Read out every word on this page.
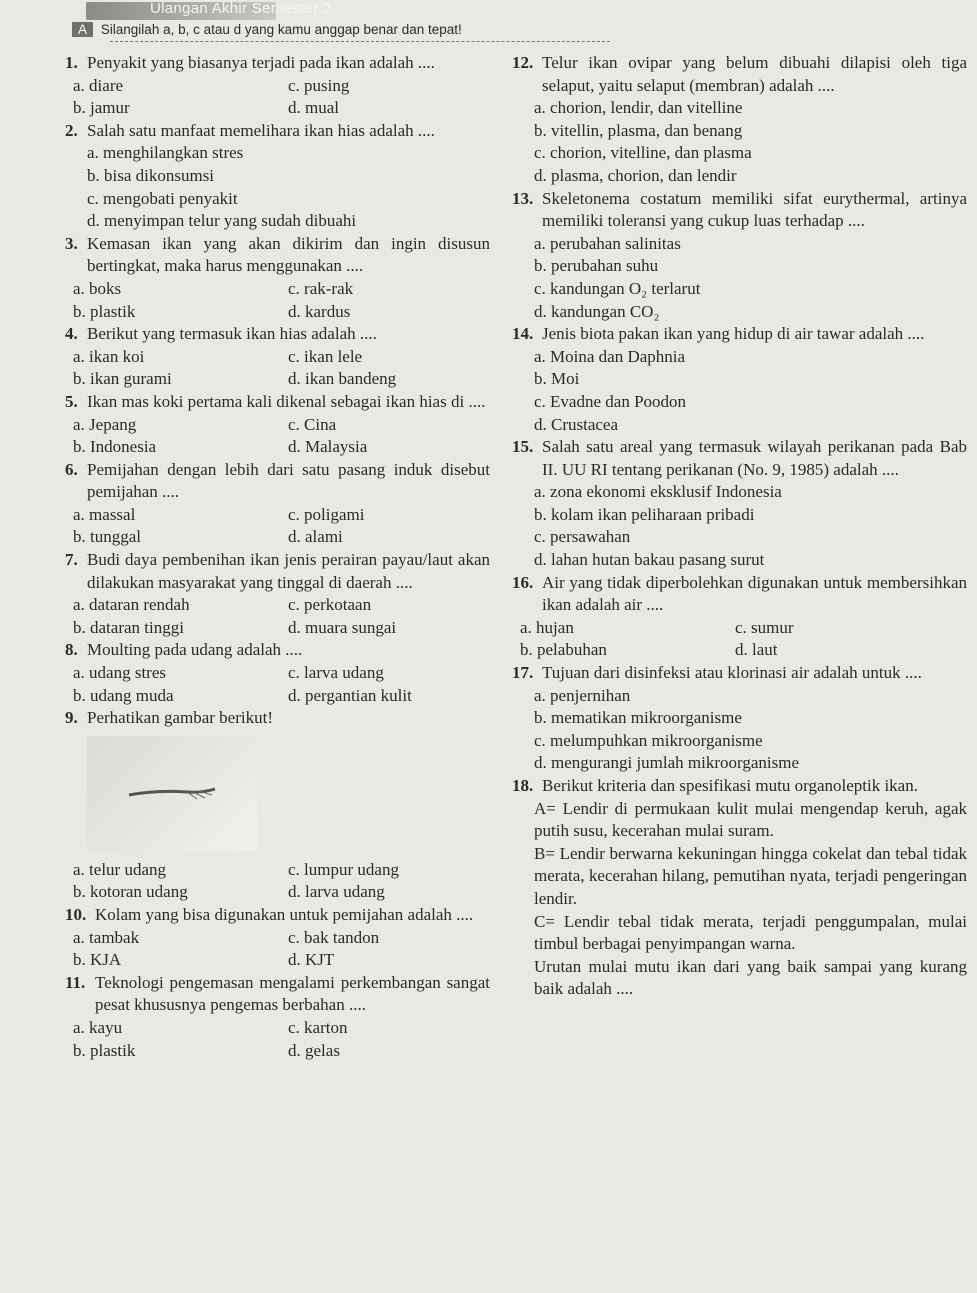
Ulangan Akhir Semester 2
A Silangilah a, b, c atau d yang kamu anggap benar dan tepat!
1. Penyakit yang biasanya terjadi pada ikan adalah ....
a. diare	c. pusing
b. jamur	d. mual
2. Salah satu manfaat memelihara ikan hias adalah ....
a. menghilangkan stres
b. bisa dikonsumsi
c. mengobati penyakit
d. menyimpan telur yang sudah dibuahi
3. Kemasan ikan yang akan dikirim dan ingin disusun bertingkat, maka harus menggunakan ....
a. boks	c. rak-rak
b. plastik	d. kardus
4. Berikut yang termasuk ikan hias adalah ....
a. ikan koi	c. ikan lele
b. ikan gurami	d. ikan bandeng
5. Ikan mas koki pertama kali dikenal sebagai ikan hias di ....
a. Jepang	c. Cina
b. Indonesia	d. Malaysia
6. Pemijahan dengan lebih dari satu pasang induk disebut pemijahan ....
a. massal	c. poligami
b. tunggal	d. alami
7. Budi daya pembenihan ikan jenis perairan payau/laut akan dilakukan masyarakat yang tinggal di daerah ....
a. dataran rendah	c. perkotaan
b. dataran tinggi	d. muara sungai
8. Moulting pada udang adalah ....
a. udang stres	c. larva udang
b. udang muda	d. pergantian kulit
9. Perhatikan gambar berikut!
a. telur udang	c. lumpur udang
b. kotoran udang	d. larva udang
10. Kolam yang bisa digunakan untuk pemijahan adalah ....
a. tambak	c. bak tandon
b. KJA	d. KJT
11. Teknologi pengemasan mengalami perkembangan sangat pesat khususnya pengemas berbahan ....
a. kayu	c. karton
b. plastik	d. gelas
12. Telur ikan ovipar yang belum dibuahi dilapisi oleh tiga selaput, yaitu selaput (membran) adalah ....
a. chorion, lendir, dan vitelline
b. vitellin, plasma, dan benang
c. chorion, vitelline, dan plasma
d. plasma, chorion, dan lendir
13. Skeletonema costatum memiliki sifat eurythermal, artinya memiliki toleransi yang cukup luas terhadap ....
a. perubahan salinitas
b. perubahan suhu
c. kandungan O₂ terlarut
d. kandungan CO₂
14. Jenis biota pakan ikan yang hidup di air tawar adalah ....
a. Moina dan Daphnia
b. Moi
c. Evadne dan Poodon
d. Crustacea
15. Salah satu areal yang termasuk wilayah perikanan pada Bab II. UU RI tentang perikanan (No. 9, 1985) adalah ....
a. zona ekonomi eksklusif Indonesia
b. kolam ikan peliharaan pribadi
c. persawahan
d. lahan hutan bakau pasang surut
16. Air yang tidak diperbolehkan digunakan untuk membersihkan ikan adalah air ....
a. hujan	c. sumur
b. pelabuhan	d. laut
17. Tujuan dari disinfeksi atau klorinasi air adalah untuk ....
a. penjernihan
b. mematikan mikroorganisme
c. melumpuhkan mikroorganisme
d. mengurangi jumlah mikroorganisme
18. Berikut kriteria dan spesifikasi mutu organoleptik ikan.
A= Lendir di permukaan kulit mulai mengendap keruh, agak putih susu, kecerahan mulai suram.
B= Lendir berwarna kekuningan hingga cokelat dan tebal tidak merata, kecerahan hilang, pemutihan nyata, terjadi pengeringan lendir.
C= Lendir tebal tidak merata, terjadi penggumpalan, mulai timbul berbagai penyimpangan warna.
Urutan mulai mutu ikan dari yang baik sampai yang kurang baik adalah ....
